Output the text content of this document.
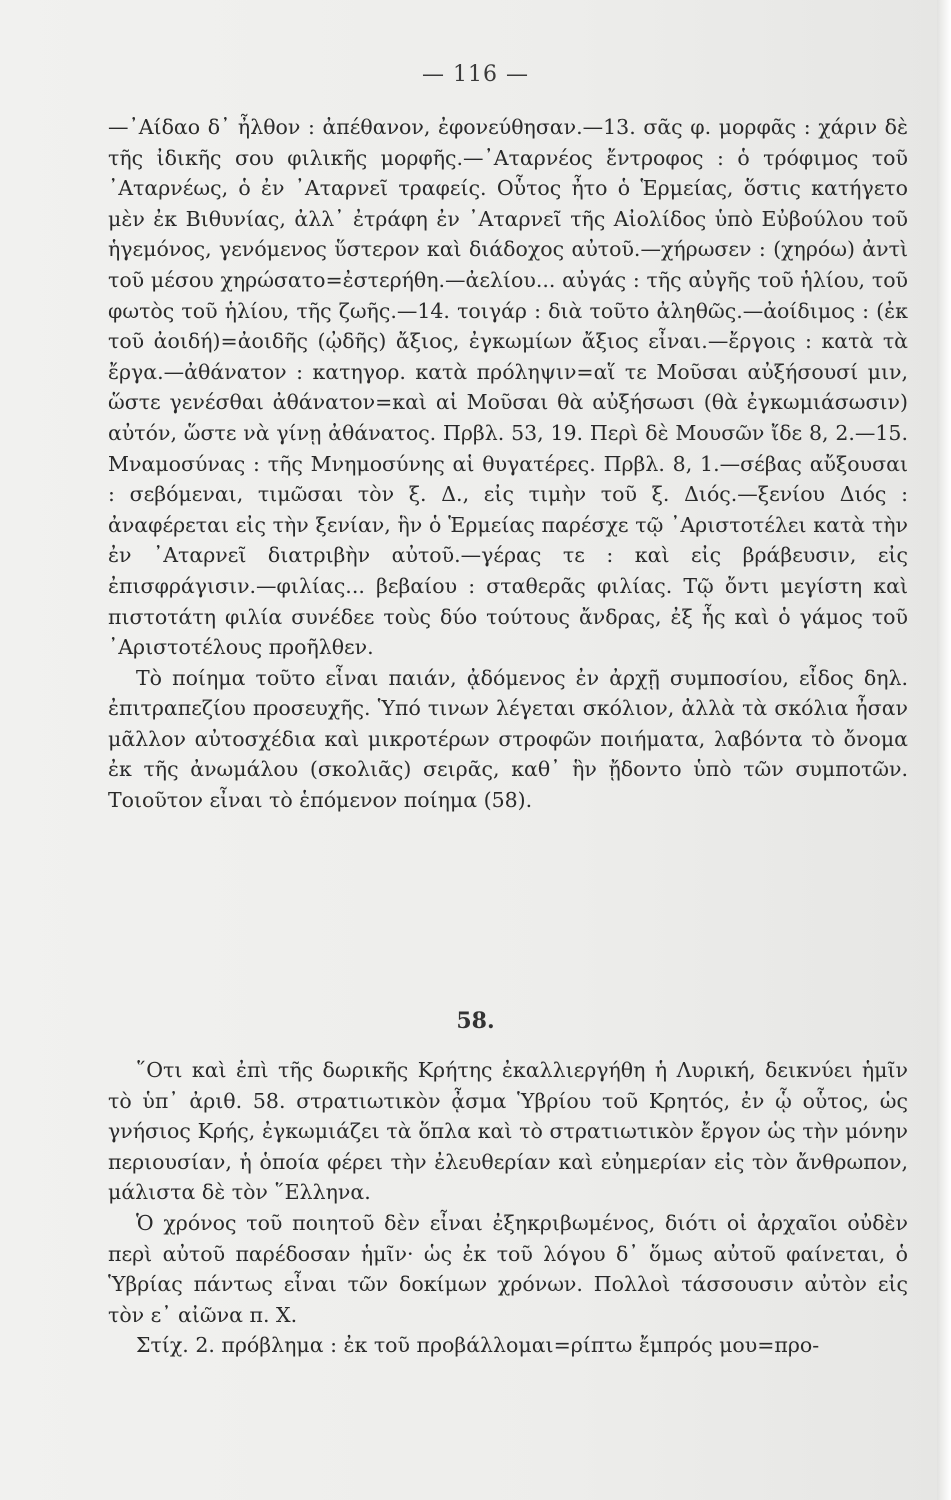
— 116 —

—᾿Αίδαο δ᾿ ἦλθον : ἀπέθανον, ἐφονεύθησαν.—13. σᾶς φ. μορφᾶς : χάριν δὲ τῆς ἰδικῆς σου φιλικῆς μορφῆς.—᾿Αταρνέος ἔντροφος : ὁ τρόφιμος τοῦ ᾿Αταρνέως, ὁ ἐν ᾿Αταρνεῖ τραφείς. Οὗτος ἦτο ὁ Ἑρμείας, ὅστις κατήγετο μὲν ἐκ Βιθυνίας, ἀλλ᾿ ἐτράφη ἐν ᾿Αταρνεῖ τῆς Αἰολίδος ὑπὸ Εὐβούλου τοῦ ἡγεμόνος, γενόμενος ὕστερον καὶ διάδοχος αὐτοῦ.—χήρωσεν : (χηρόω) ἀντὶ τοῦ μέσου χηρώσατο=ἐστερήθη.—ἀελίου... αὐγάς : τῆς αὐγῆς τοῦ ἡλίου, τοῦ φωτὸς τοῦ ἡλίου, τῆς ζωῆς.—14. τοιγάρ : διὰ τοῦτο ἀληθῶς.—ἀοίδιμος : (ἐκ τοῦ ἀοιδή)=ἀοιδῆς (ᾠδῆς) ἄξιος, ἐγκωμίων ἄξιος εἶναι.—ἔργοις : κατὰ τὰ ἔργα.—ἀθάνατον : κατηγορ. κατὰ πρόληψιν=αἵ τε Μοῦσαι αὐξήσουσί μιν, ὥστε γενέσθαι ἀθάνατον=καὶ αἱ Μοῦσαι θὰ αὐξήσωσι (θὰ ἐγκωμιάσωσιν) αὐτόν, ὥστε νὰ γίνῃ ἀθάνατος. Πρβλ. 53, 19. Περὶ δὲ Μουσῶν ἴδε 8, 2.—15. Μναμοσύνας : τῆς Μνημοσύνης αἱ θυγατέρες. Πρβλ. 8, 1.—σέβας αὔξουσαι : σεβόμεναι, τιμῶσαι τὸν ξ. Δ., εἰς τιμὴν τοῦ ξ. Διός.—ξενίου Διός : ἀναφέρεται εἰς τὴν ξενίαν, ἣν ὁ Ἑρμείας παρέσχε τῷ ᾿Αριστοτέλει κατὰ τὴν ἐν ᾿Αταρνεῖ διατριβὴν αὐτοῦ.—γέρας τε : καὶ εἰς βράβευσιν, εἰς ἐπισφράγισιν.—φιλίας... βεβαίου : σταθερᾶς φιλίας. Τῷ ὄντι μεγίστη καὶ πιστοτάτη φιλία συνέδεε τοὺς δύο τούτους ἄνδρας, ἐξ ἧς καὶ ὁ γάμος τοῦ ᾿Αριστοτέλους προῆλθεν.

Τὸ ποίημα τοῦτο εἶναι παιάν, ᾀδόμενος ἐν ἀρχῇ συμποσίου, εἶδος δηλ. ἐπιτραπεζίου προσευχῆς. Ὑπό τινων λέγεται σκόλιον, ἀλλὰ τὰ σκόλια ἦσαν μᾶλλον αὐτοσχέδια καὶ μικροτέρων στροφῶν ποιήματα, λαβόντα τὸ ὄνομα ἐκ τῆς ἀνωμάλου (σκολιᾶς) σειρᾶς, καθ᾿ ἣν ᾔδοντο ὑπὸ τῶν συμποτῶν. Τοιοῦτον εἶναι τὸ ἑπόμενον ποίημα (58).

58.

῞Οτι καὶ ἐπὶ τῆς δωρικῆς Κρήτης ἐκαλλιεργήθη ἡ Λυρική, δεικνύει ἡμῖν τὸ ὑπ᾿ ἀριθ. 58. στρατιωτικὸν ᾆσμα Ὑβρίου τοῦ Κρητός, ἐν ᾧ οὗτος, ὡς γνήσιος Κρής, ἐγκωμιάζει τὰ ὅπλα καὶ τὸ στρατιωτικὸν ἔργον ὡς τὴν μόνην περιουσίαν, ἡ ὁποία φέρει τὴν ἐλευθερίαν καὶ εὐημερίαν εἰς τὸν ἄνθρωπον, μάλιστα δὲ τὸν ῞Ελληνα.

Ὁ χρόνος τοῦ ποιητοῦ δὲν εἶναι ἐξηκριβωμένος, διότι οἱ ἀρχαῖοι οὐδὲν περὶ αὐτοῦ παρέδοσαν ἡμῖν· ὡς ἐκ τοῦ λόγου δ᾿ ὅμως αὐτοῦ φαίνεται, ὁ Ὑβρίας πάντως εἶναι τῶν δοκίμων χρόνων. Πολλοὶ τάσσουσιν αὐτὸν εἰς τὸν ε᾿ αἰῶνα π. Χ.

Στίχ. 2. πρόβλημα : ἐκ τοῦ προβάλλομαι=ρίπτω ἔμπρός μου=προ-
